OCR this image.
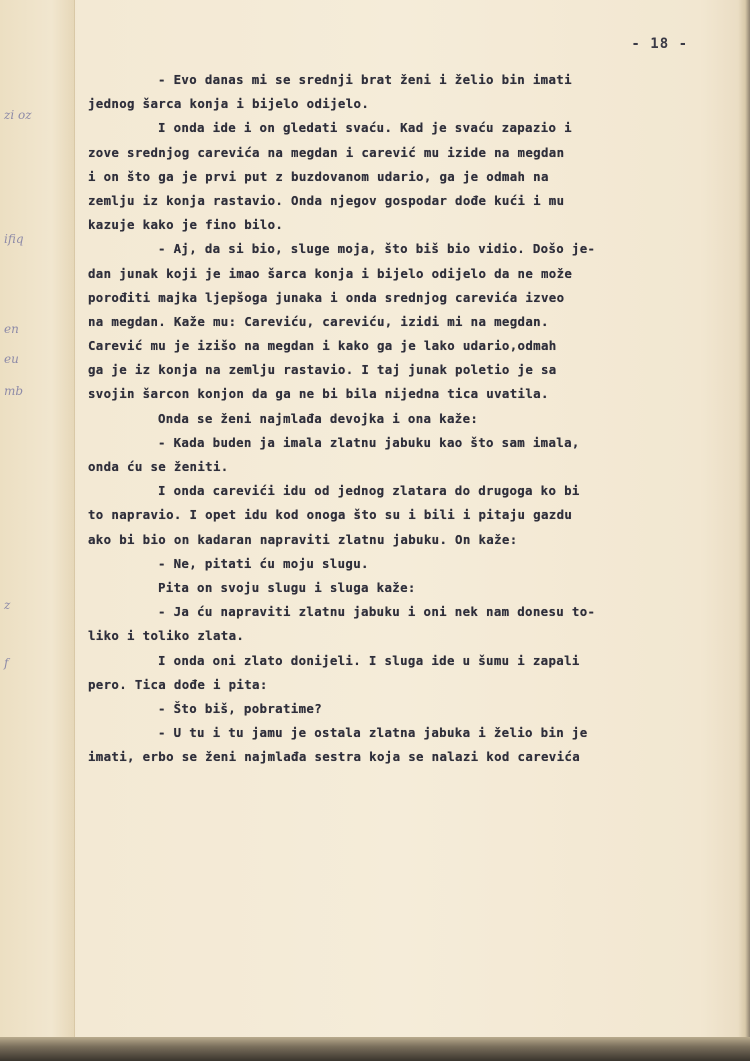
zi oz
ifiq
en
eu
mb
z
f
- 18 -
- Evo danas mi se srednji brat ženi i želio bin imati
jednog šarca konja i bijelo odijelo.
I onda ide i on gledati svaću. Kad je svaću zapazio i
zove srednjog carevića na megdan i carević mu izide na megdan
i on što ga je prvi put z buzdovanom udario, ga je odmah na
zemlju iz konja rastavio. Onda njegov gospodar dođe kući i mu
kazuje kako je fino bilo.
- Aj, da si bio, sluge moja, što biš bio vidio. Došo je-
dan junak koji je imao šarca konja i bijelo odijelo da ne može
porođiti majka lјepšoga junaka i onda srednjog carevića izveo
na megdan. Kaže mu: Careviću, careviću, izidi mi na megdan.
Carević mu je izišo na megdan i kako ga je lako udario,odmah
ga je iz konja na zemlju rastavio. I taj junak poletio je sa
svojin šarcon konjon da ga ne bi bila nijedna tica uvatila.
Onda se ženi najmlađa devojka i ona kaže:
- Kada buden ja imala zlatnu jabuku kao što sam imala,
onda ću se ženiti.
I onda carevići idu od jednog zlatara do drugoga ko bi
to napravio. I opet idu kod onoga što su i bili i pitaju gazdu
ako bi bio on kadaran napraviti zlatnu jabuku. On kaže:
- Ne, pitati ću moju slugu.
Pita on svoju slugu i sluga kaže:
- Ja ću napraviti zlatnu jabuku i oni nek nam donesu to-
liko i toliko zlata.
I onda oni zlato donijeli. I sluga ide u šumu i zapali
pero. Tica dođe i pita:
- Što biš, pobratime?
- U tu i tu jamu je ostala zlatna jabuka i želio bin je
imati, erbo se ženi najmlađa sestra koja se nalazi kod carevića
